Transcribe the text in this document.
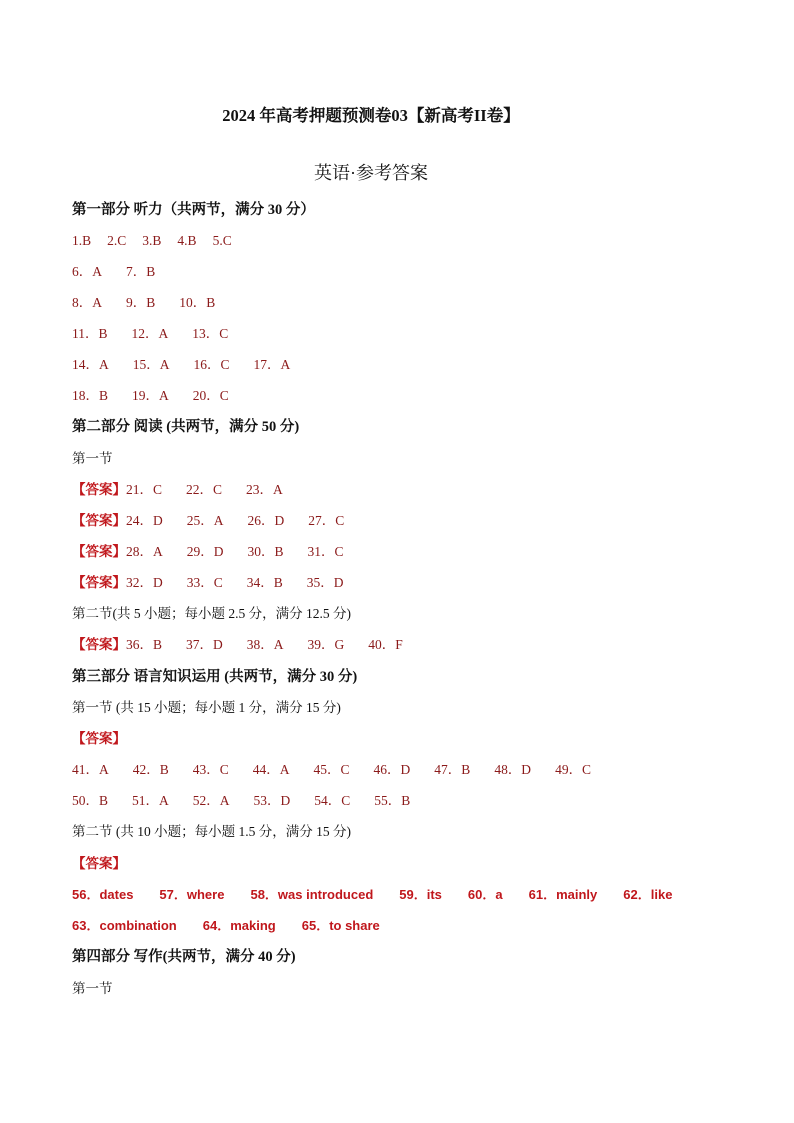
2024 年高考押题预测卷03【新高考II卷】
英语·参考答案
第一部分 听力（共两节，满分 30 分）
1.B 2.C 3.B 4.B 5.C
6．A 7．B
8．A 9．B 10．B
11．B 12．A 13．C
14．A 15．A 16．C 17．A
18．B 19．A 20．C
第二部分 阅读 (共两节，满分 50 分)
第一节
【答案】21．C 22．C 23．A
【答案】24．D 25．A 26．D 27．C
【答案】28．A 29．D 30．B 31．C
【答案】32．D 33．C 34．B 35．D
第二节(共 5 小题；每小题 2.5 分，满分 12.5 分)
【答案】36．B 37．D 38．A 39．G 40．F
第三部分 语言知识运用 (共两节，满分 30 分)
第一节 (共 15 小题；每小题 1 分，满分 15 分)
【答案】
41．A 42．B 43．C 44．A 45．C 46．D 47．B 48．D 49．C
50．B 51．A 52．A 53．D 54．C 55．B
第二节 (共 10 小题；每小题 1.5 分，满分 15 分)
【答案】
56．dates 57．where 58．was introduced 59．its 60．a 61．mainly 62．like
63．combination 64．making 65．to share
第四部分 写作(共两节，满分 40 分)
第一节
